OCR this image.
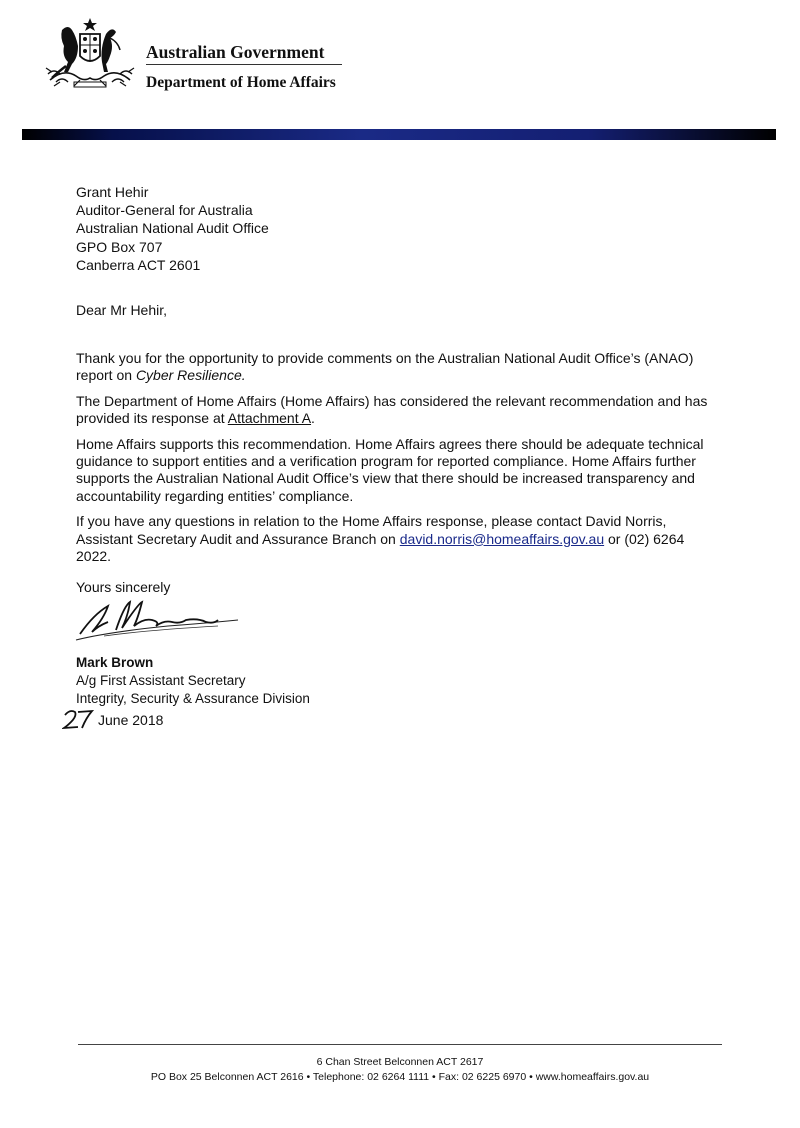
Australian Government
Department of Home Affairs
Grant Hehir
Auditor-General for Australia
Australian National Audit Office
GPO Box 707
Canberra ACT 2601
Dear Mr Hehir,

Thank you for the opportunity to provide comments on the Australian National Audit Office’s (ANAO) report on Cyber Resilience.

The Department of Home Affairs (Home Affairs) has considered the relevant recommendation and has provided its response at Attachment A.

Home Affairs supports this recommendation. Home Affairs agrees there should be adequate technical guidance to support entities and a verification program for reported compliance. Home Affairs further supports the Australian National Audit Office’s view that there should be increased transparency and accountability regarding entities’ compliance.

If you have any questions in relation to the Home Affairs response, please contact David Norris, Assistant Secretary Audit and Assurance Branch on david.norris@homeaffairs.gov.au or (02) 6264 2022.

Yours sincerely
Mark Brown
A/g First Assistant Secretary
Integrity, Security & Assurance Division
June 2018
6 Chan Street Belconnen ACT 2617
PO Box 25 Belconnen ACT 2616 • Telephone: 02 6264 1111 • Fax: 02 6225 6970 • www.homeaffairs.gov.au
